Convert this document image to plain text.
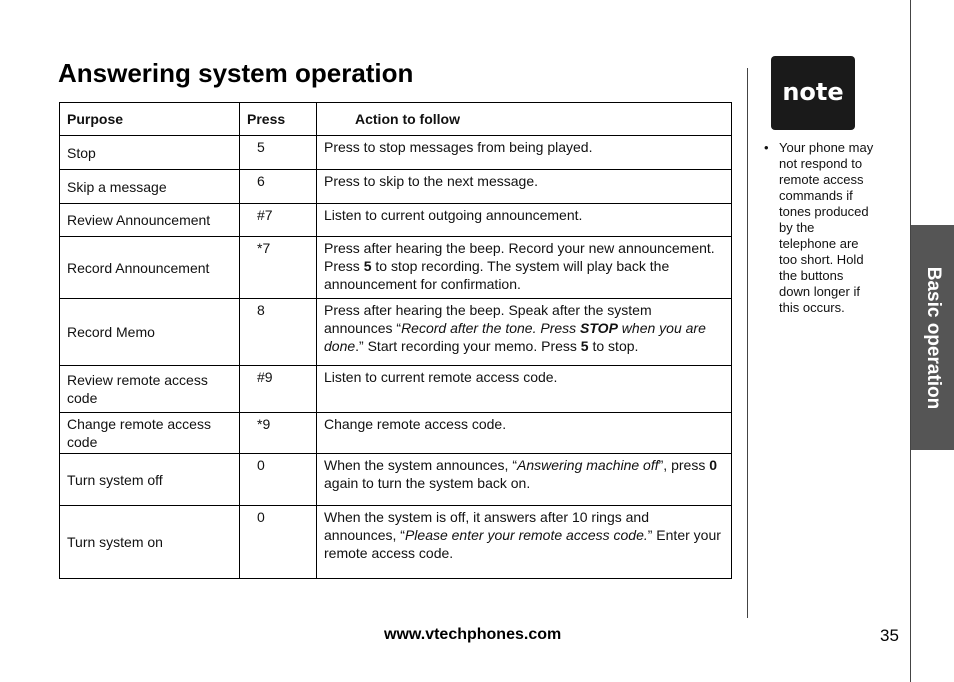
Answering system operation
Purpose	Press	Action to follow
Stop	5	Press to stop messages from being played.
Skip a message	6	Press to skip to the next message.
Review Announcement	#7	Listen to current outgoing announcement.
Record Announcement	*7	Press after hearing the beep. Record your new announcement. Press 5 to stop recording. The system will play back the announcement for confirmation.
Record Memo	8	Press after hearing the beep. Speak after the system announces “Record after the tone. Press STOP when you are done.” Start recording your memo. Press 5 to stop.
Review remote access code	#9	Listen to current remote access code.
Change remote access code	*9	Change remote access code.
Turn system off	0	When the system announces, “Answering machine off”, press 0 again to turn the system back on.
Turn system on	0	When the system is off, it answers after 10 rings and announces, “Please enter your remote access code.” Enter your remote access code.
note
• Your phone may not respond to remote access commands if tones produced by the telephone are too short. Hold the buttons down longer if this occurs.	Basic operation
www.vtechphones.com	35
